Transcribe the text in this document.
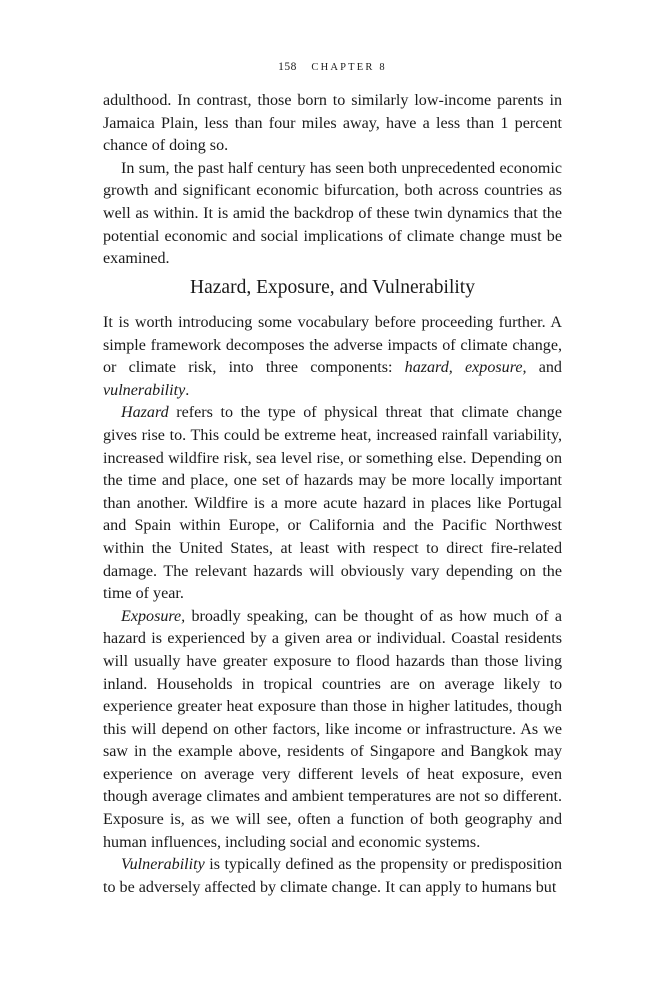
158 CHAPTER 8

adulthood. In contrast, those born to similarly low-income parents in Jamaica Plain, less than four miles away, have a less than 1 percent chance of doing so.

In sum, the past half century has seen both unprecedented economic growth and significant economic bifurcation, both across countries as well as within. It is amid the backdrop of these twin dynamics that the potential economic and social implications of climate change must be examined.

Hazard, Exposure, and Vulnerability

It is worth introducing some vocabulary before proceeding further. A simple framework decomposes the adverse impacts of climate change, or climate risk, into three components: hazard, exposure, and vulnerability.

Hazard refers to the type of physical threat that climate change gives rise to. This could be extreme heat, increased rainfall variability, increased wildfire risk, sea level rise, or something else. Depending on the time and place, one set of hazards may be more locally important than another. Wildfire is a more acute hazard in places like Portugal and Spain within Europe, or California and the Pacific Northwest within the United States, at least with respect to direct fire-related damage. The relevant hazards will obviously vary depending on the time of year.

Exposure, broadly speaking, can be thought of as how much of a hazard is experienced by a given area or individual. Coastal residents will usually have greater exposure to flood hazards than those living inland. Households in tropical countries are on average likely to experience greater heat exposure than those in higher latitudes, though this will depend on other factors, like income or infrastructure. As we saw in the example above, residents of Singapore and Bangkok may experience on average very different levels of heat exposure, even though average climates and ambient temperatures are not so different. Exposure is, as we will see, often a function of both geography and human influences, including social and economic systems.

Vulnerability is typically defined as the propensity or predisposition to be adversely affected by climate change. It can apply to humans but
